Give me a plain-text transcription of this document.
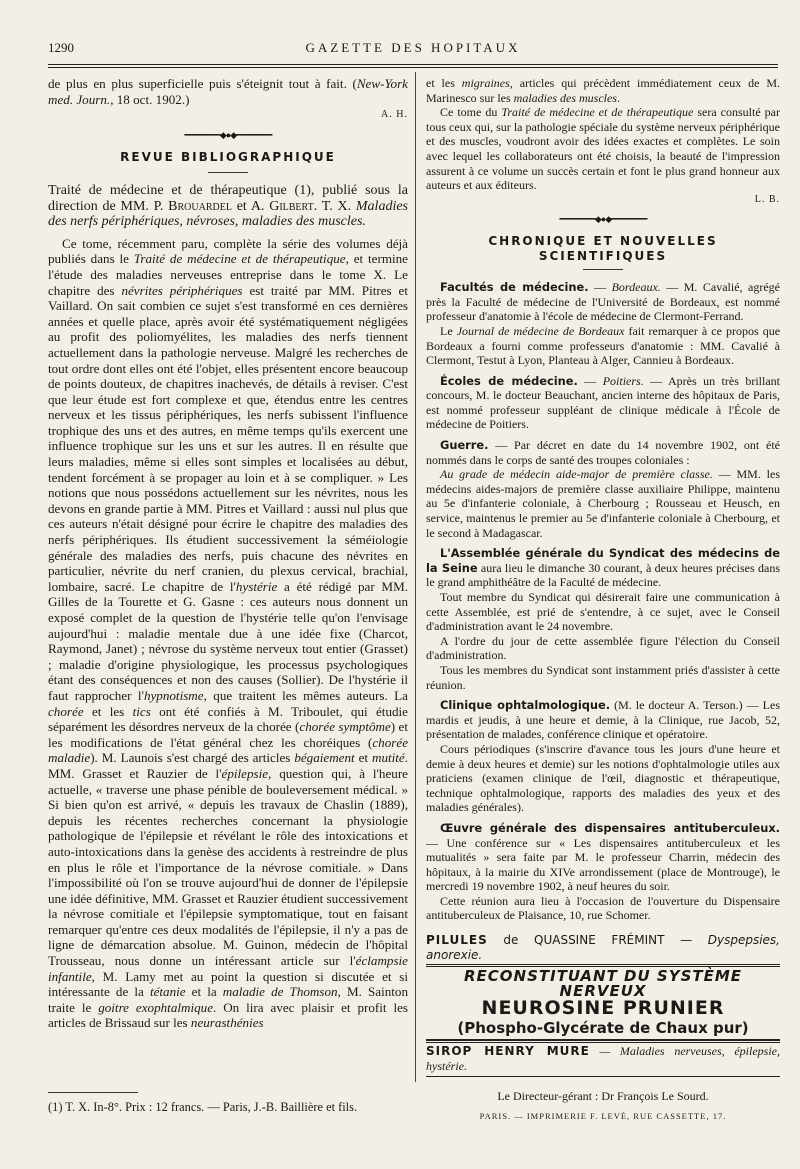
1290	GAZETTE DES HOPITAUX

de plus en plus superficielle puis s'éteignit tout à fait. (New-York med. Journ., 18 oct. 1902.)

A. H.
━━━━━━━━◆●◆━━━━━━━━
REVUE BIBLIOGRAPHIQUE

Traité de médecine et de thérapeutique (1), publié sous la direction de MM. P. Brouardel et A. Gilbert. T. X. Maladies des nerfs périphériques, névroses, maladies des muscles.

Ce tome, récemment paru, complète la série des volumes déjà publiés dans le Traité de médecine et de thérapeutique, et termine l'étude des maladies nerveuses entreprise dans le tome X. Le chapitre des névrites périphériques est traité par MM. Pitres et Vaillard. On sait combien ce sujet s'est transformé en ces dernières années et quelle place, après avoir été systématiquement négligées au profit des poliomyélites, les maladies des nerfs tiennent actuellement dans la pathologie nerveuse. Malgré les recherches de tout ordre dont elles ont été l'objet, elles présentent encore beaucoup de points douteux, de chapitres inachevés, de détails à reviser. C'est que leur étude est fort complexe et que, étendus entre les centres nerveux et les tissus périphériques, les nerfs subissent l'influence trophique des uns et des autres, en même temps qu'ils exercent une influence trophique sur les uns et sur les autres. Il en résulte que leurs maladies, même si elles sont simples et localisées au début, tendent forcément à se propager au loin et à se compliquer. » Les notions que nous possédons actuellement sur les névrites, nous les devons en grande partie à MM. Pitres et Vaillard : aussi nul plus que ces auteurs n'était désigné pour écrire le chapitre des maladies des nerfs périphériques. Ils étudient successivement la séméiologie générale des maladies des nerfs, puis chacune des névrites en particulier, névrite du nerf cranien, du plexus cervical, brachial, lombaire, sacré. Le chapitre de l'hystérie a été rédigé par MM. Gilles de la Tourette et G. Gasne : ces auteurs nous donnent un exposé complet de la question de l'hystérie telle qu'on l'envisage aujourd'hui : maladie mentale due à une idée fixe (Charcot, Raymond, Janet) ; névrose du système nerveux tout entier (Grasset) ; maladie d'origine physiologique, les processus psychologiques étant des conséquences et non des causes (Sollier). De l'hystérie il faut rapprocher l'hypnotisme, que traitent les mêmes auteurs. La chorée et les tics ont été confiés à M. Triboulet, qui étudie séparément les désordres nerveux de la chorée (chorée symptôme) et les modifications de l'état général chez les choréiques (chorée maladie). M. Launois s'est chargé des articles bégaiement et mutité. MM. Grasset et Rauzier de l'épilepsie, question qui, à l'heure actuelle, « traverse une phase pénible de bouleversement médical. » Si bien qu'on est arrivé, « depuis les travaux de Chaslin (1889), depuis les récentes recherches concernant la physiologie pathologique de l'épilepsie et révélant le rôle des intoxications et auto-intoxications dans la genèse des accidents à restreindre de plus en plus le rôle et l'importance de la névrose comitiale. » Dans l'impossibilité où l'on se trouve aujourd'hui de donner de l'épilepsie une idée définitive, MM. Grasset et Rauzier étudient successivement la névrose comitiale et l'épilepsie symptomatique, tout en faisant remarquer qu'entre ces deux modalités de l'épilepsie, il n'y a pas de ligne de démarcation absolue. M. Guinon, médecin de l'hôpital Trousseau, nous donne un intéressant article sur l'éclampsie infantile, M. Lamy met au point la question si discutée et si intéressante de la tétanie et la maladie de Thomson, M. Sainton traite le goitre exophtalmique. On lira avec plaisir et profit les articles de Brissaud sur les neurasthénies

(1) T. X. In-8°. Prix : 12 francs. — Paris, J.-B. Baillière et fils.

et les migraines, articles qui précèdent immédiatement ceux de M. Marinesco sur les maladies des muscles.

Ce tome du Traité de médecine et de thérapeutique sera consulté par tous ceux qui, sur la pathologie spéciale du système nerveux périphérique et des muscles, voudront avoir des idées exactes et complètes. Le soin avec lequel les collaborateurs ont été choisis, la beauté de l'impression assurent à ce volume un succès certain et font le plus grand honneur aux auteurs et aux éditeurs.

L. B.
━━━━━━━━◆●◆━━━━━━━━
CHRONIQUE ET NOUVELLES SCIENTIFIQUES

Facultés de médecine. — Bordeaux. — M. Cavalié, agrégé près la Faculté de médecine de l'Université de Bordeaux, est nommé professeur d'anatomie à l'école de médecine de Clermont-Ferrand.

Le Journal de médecine de Bordeaux fait remarquer à ce propos que Bordeaux a fourni comme professeurs d'anatomie : MM. Cavalié à Clermont, Testut à Lyon, Planteau à Alger, Cannieu à Bordeaux.

Écoles de médecine. — Poitiers. — Après un très brillant concours, M. le docteur Beauchant, ancien interne des hôpitaux de Paris, est nommé professeur suppléant de clinique médicale à l'École de médecine de Poitiers.

Guerre. — Par décret en date du 14 novembre 1902, ont été nommés dans le corps de santé des troupes coloniales :

Au grade de médecin aide-major de première classe. — MM. les médecins aides-majors de première classe auxiliaire Philippe, maintenu au 5e d'infanterie coloniale, à Cherbourg ; Rousseau et Heusch, en service, maintenus le premier au 5e d'infanterie coloniale à Cherbourg, et le second à Madagascar.

L'Assemblée générale du Syndicat des médecins de la Seine aura lieu le dimanche 30 courant, à deux heures précises dans le grand amphithéâtre de la Faculté de médecine.

Tout membre du Syndicat qui désirerait faire une communication à cette Assemblée, est prié de s'entendre, à ce sujet, avec le Conseil d'administration avant le 24 novembre.

A l'ordre du jour de cette assemblée figure l'élection du Conseil d'administration.

Tous les membres du Syndicat sont instamment priés d'assister à cette réunion.

Clinique ophtalmologique. (M. le docteur A. Terson.) — Les mardis et jeudis, à une heure et demie, à la Clinique, rue Jacob, 52, présentation de malades, conférence clinique et opératoire.

Cours périodiques (s'inscrire d'avance tous les jours d'une heure et demie à deux heures et demie) sur les notions d'ophtalmologie utiles aux praticiens (examen clinique de l'œil, diagnostic et thérapeutique, technique ophtalmologique, rapports des maladies des yeux et des maladies générales).

Œuvre générale des dispensaires antituberculeux. — Une conférence sur « Les dispensaires antituberculeux et les mutualités » sera faite par M. le professeur Charrin, médecin des hôpitaux, à la mairie du XIVe arrondissement (place de Montrouge), le mercredi 19 novembre 1902, à neuf heures du soir.

Cette réunion aura lieu à l'occasion de l'ouverture du Dispensaire antituberculeux de Plaisance, 10, rue Schomer.

PILULES de QUASSINE FRÉMINT — Dyspepsies, anorexie.
RECONSTITUANT DU SYSTÈME NERVEUX
NEUROSINE PRUNIER
(Phospho-Glycérate de Chaux pur)
SIROP HENRY MURE — Maladies nerveuses, épilepsie, hystérie.
Le Directeur-gérant : Dr François Le Sourd.
PARIS. — IMPRIMERIE F. LEVÉ, RUE CASSETTE, 17.
